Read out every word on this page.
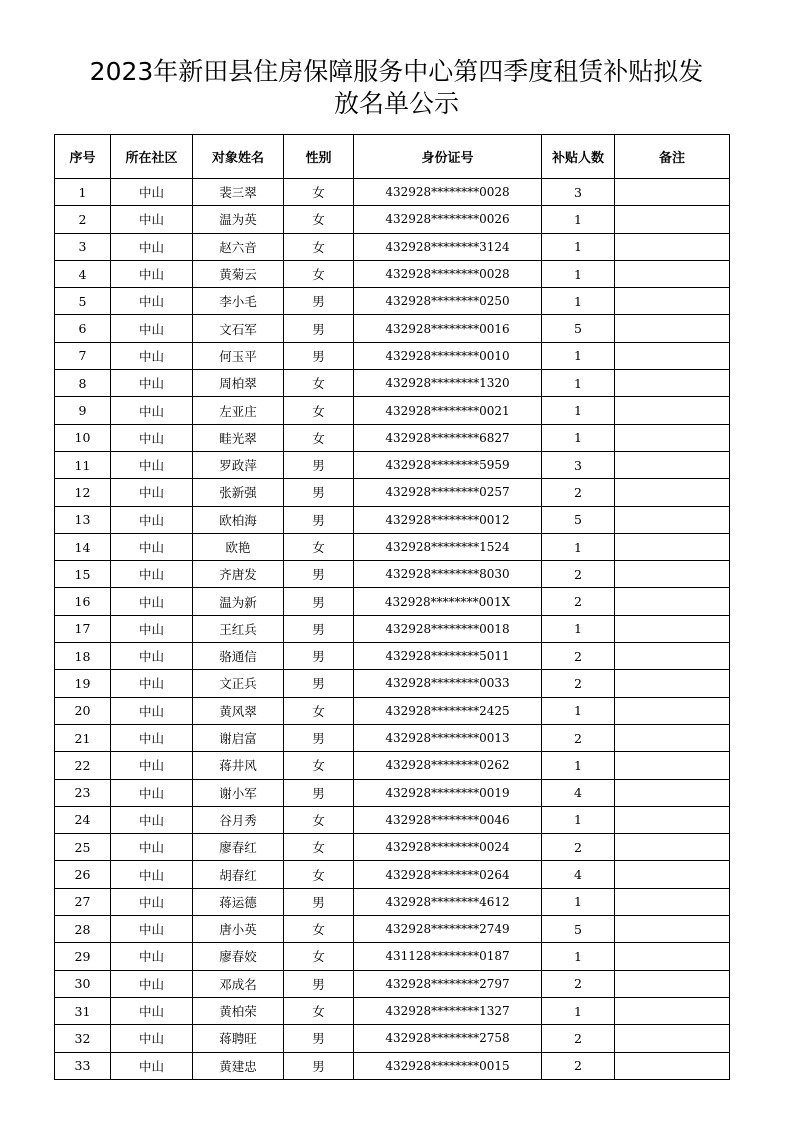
2023年新田县住房保障服务中心第四季度租赁补贴拟发
放名单公示
序号	所在社区	对象姓名	性别	身份证号	补贴人数	备注
1	中山	裴三翠	女	432928********0028	3	
2	中山	温为英	女	432928********0026	1	
3	中山	赵六音	女	432928********3124	1	
4	中山	黄菊云	女	432928********0028	1	
5	中山	李小毛	男	432928********0250	1	
6	中山	文石军	男	432928********0016	5	
7	中山	何玉平	男	432928********0010	1	
8	中山	周柏翠	女	432928********1320	1	
9	中山	左亚庄	女	432928********0021	1	
10	中山	畦光翠	女	432928********6827	1	
11	中山	罗政萍	男	432928********5959	3	
12	中山	张新强	男	432928********0257	2	
13	中山	欧柏海	男	432928********0012	5	
14	中山	欧艳	女	432928********1524	1	
15	中山	齐唐发	男	432928********8030	2	
16	中山	温为新	男	432928********001X	2	
17	中山	王红兵	男	432928********0018	1	
18	中山	骆通信	男	432928********5011	2	
19	中山	文正兵	男	432928********0033	2	
20	中山	黄风翠	女	432928********2425	1	
21	中山	谢启富	男	432928********0013	2	
22	中山	蒋井风	女	432928********0262	1	
23	中山	谢小军	男	432928********0019	4	
24	中山	谷月秀	女	432928********0046	1	
25	中山	廖春红	女	432928********0024	2	
26	中山	胡春红	女	432928********0264	4	
27	中山	蒋运德	男	432928********4612	1	
28	中山	唐小英	女	432928********2749	5	
29	中山	廖春姣	女	431128********0187	1	
30	中山	邓成名	男	432928********2797	2	
31	中山	黄柏荣	女	432928********1327	1	
32	中山	蒋聘旺	男	432928********2758	2	
33	中山	黄建忠	男	432928********0015	2	
